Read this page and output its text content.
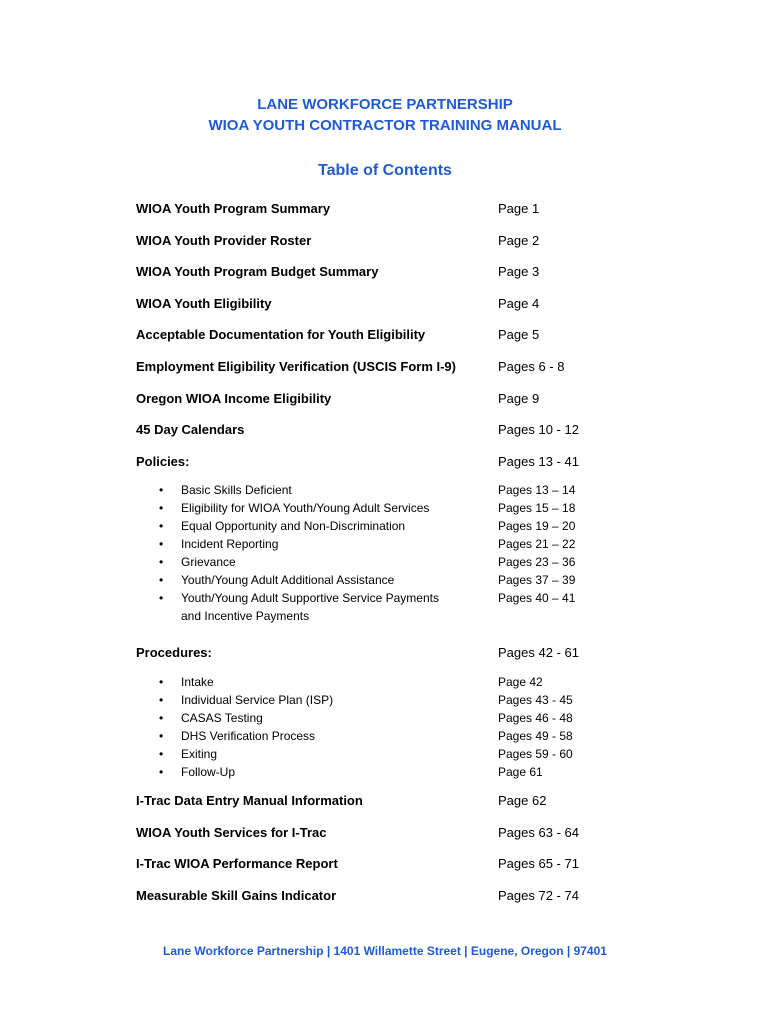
LANE WORKFORCE PARTNERSHIP
WIOA YOUTH CONTRACTOR TRAINING MANUAL
Table of Contents
WIOA Youth Program Summary	Page 1
WIOA Youth Provider Roster	Page 2
WIOA Youth Program Budget Summary	Page 3
WIOA Youth Eligibility	Page 4
Acceptable Documentation for Youth Eligibility	Page 5
Employment Eligibility Verification (USCIS Form I-9)	Pages 6 - 8
Oregon WIOA Income Eligibility	Page 9
45 Day Calendars	Pages 10 - 12
Policies:	Pages 13 - 41
• Basic Skills Deficient	Pages 13 – 14
• Eligibility for WIOA Youth/Young Adult Services	Pages 15 – 18
• Equal Opportunity and Non-Discrimination	Pages 19 – 20
• Incident Reporting	Pages 21 – 22
• Grievance	Pages 23 – 36
• Youth/Young Adult Additional Assistance	Pages 37 – 39
• Youth/Young Adult Supportive Service Payments	Pages 40 – 41
and Incentive Payments
Procedures:	Pages 42 - 61
• Intake	Page 42
• Individual Service Plan (ISP)	Pages 43 - 45
• CASAS Testing	Pages 46 - 48
• DHS Verification Process	Pages 49 - 58
• Exiting	Pages 59 - 60
• Follow-Up	Page 61
I-Trac Data Entry Manual Information	Page 62
WIOA Youth Services for I-Trac	Pages 63 - 64
I-Trac WIOA Performance Report	Pages 65 - 71
Measurable Skill Gains Indicator	Pages 72 - 74
Lane Workforce Partnership | 1401 Willamette Street | Eugene, Oregon | 97401
